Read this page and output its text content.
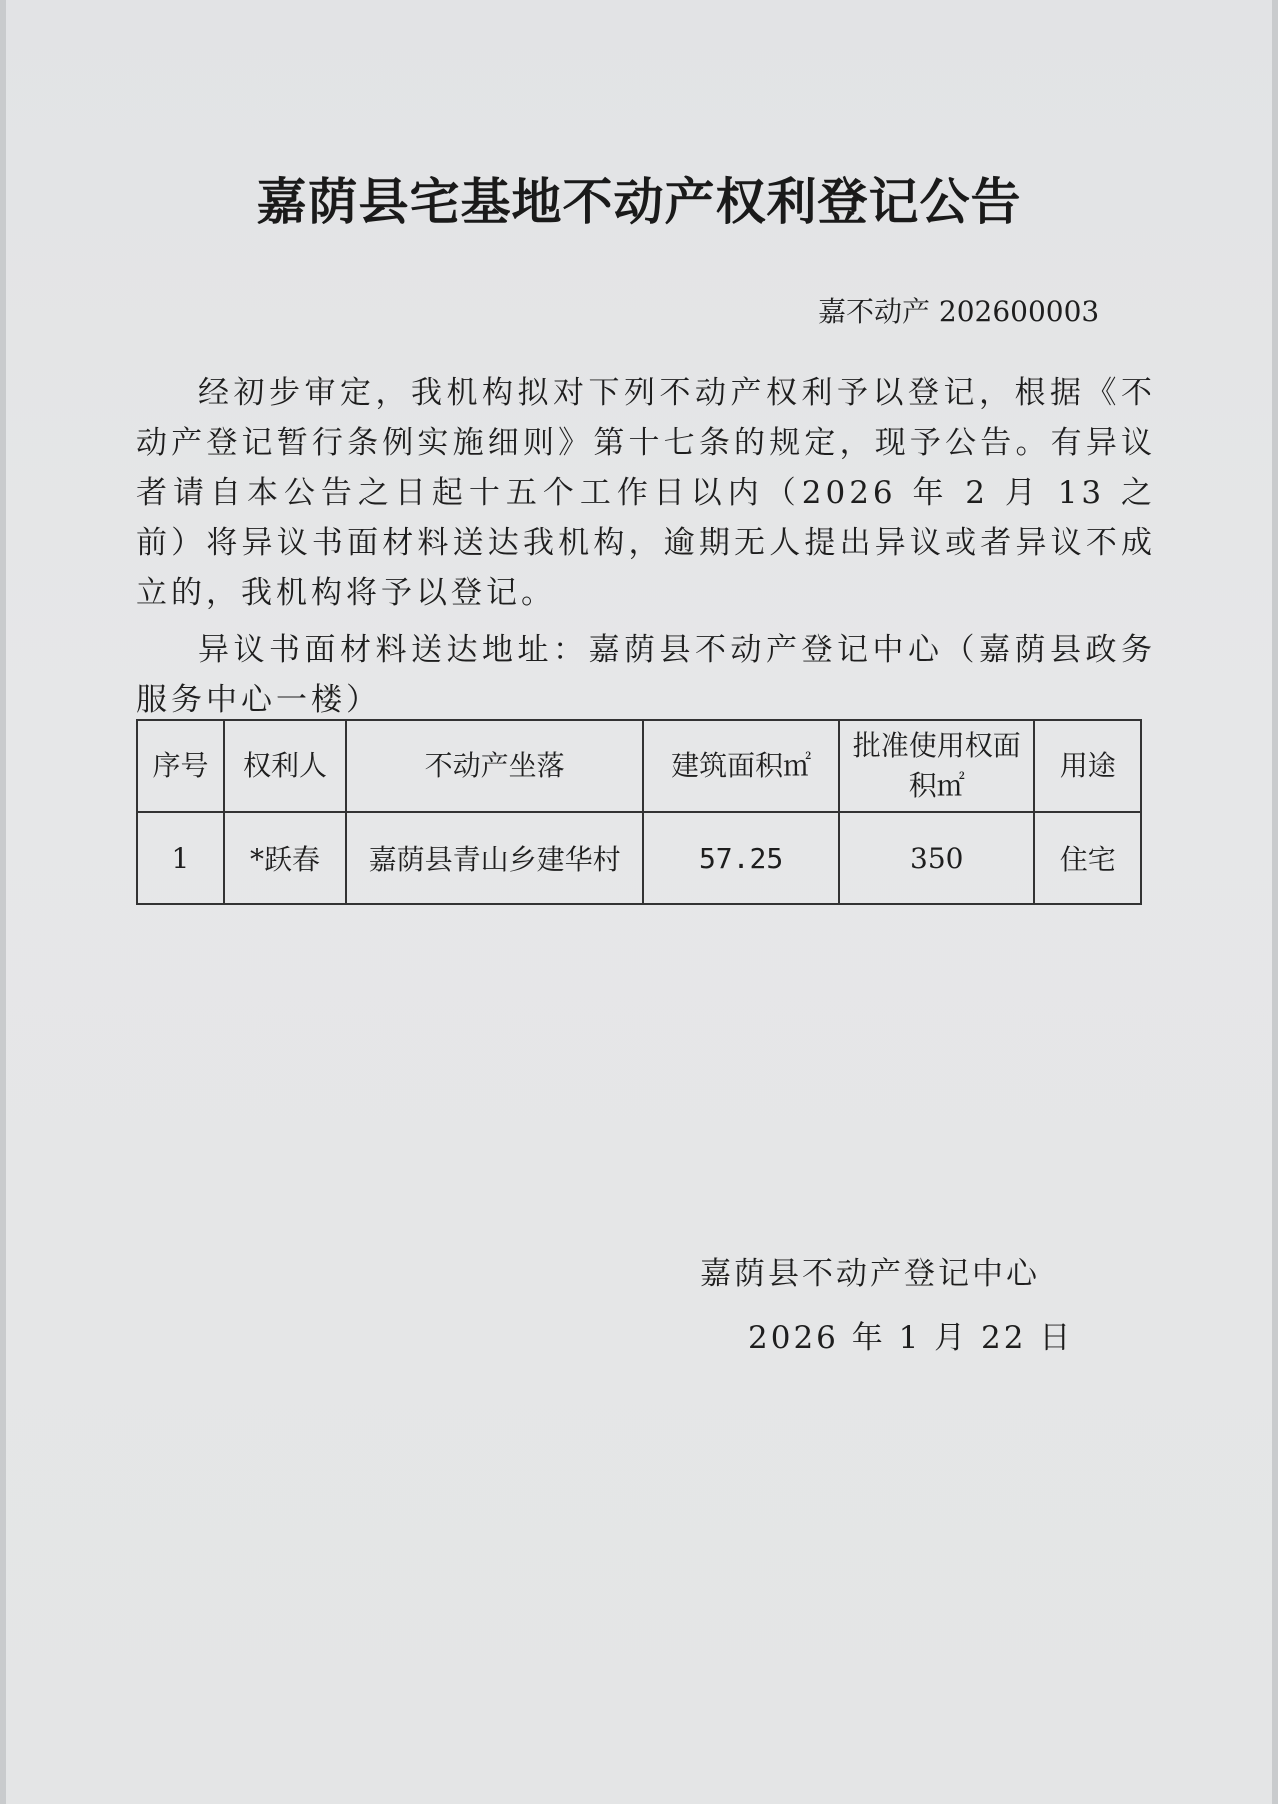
嘉荫县宅基地不动产权利登记公告
嘉不动产 202600003

经初步审定，我机构拟对下列不动产权利予以登记，根据《不动产登记暂行条例实施细则》第十七条的规定，现予公告。有异议者请自本公告之日起十五个工作日以内（2026 年 2 月 13 之前）将异议书面材料送达我机构，逾期无人提出异议或者异议不成立的，我机构将予以登记。

异议书面材料送达地址：嘉荫县不动产登记中心（嘉荫县政务服务中心一楼）

序号	权利人	不动产坐落	建筑面积㎡	批准使用权面积㎡	用途
1	*跃春	嘉荫县青山乡建华村	57.25	350	住宅
嘉荫县不动产登记中心
2026 年 1 月 22 日
